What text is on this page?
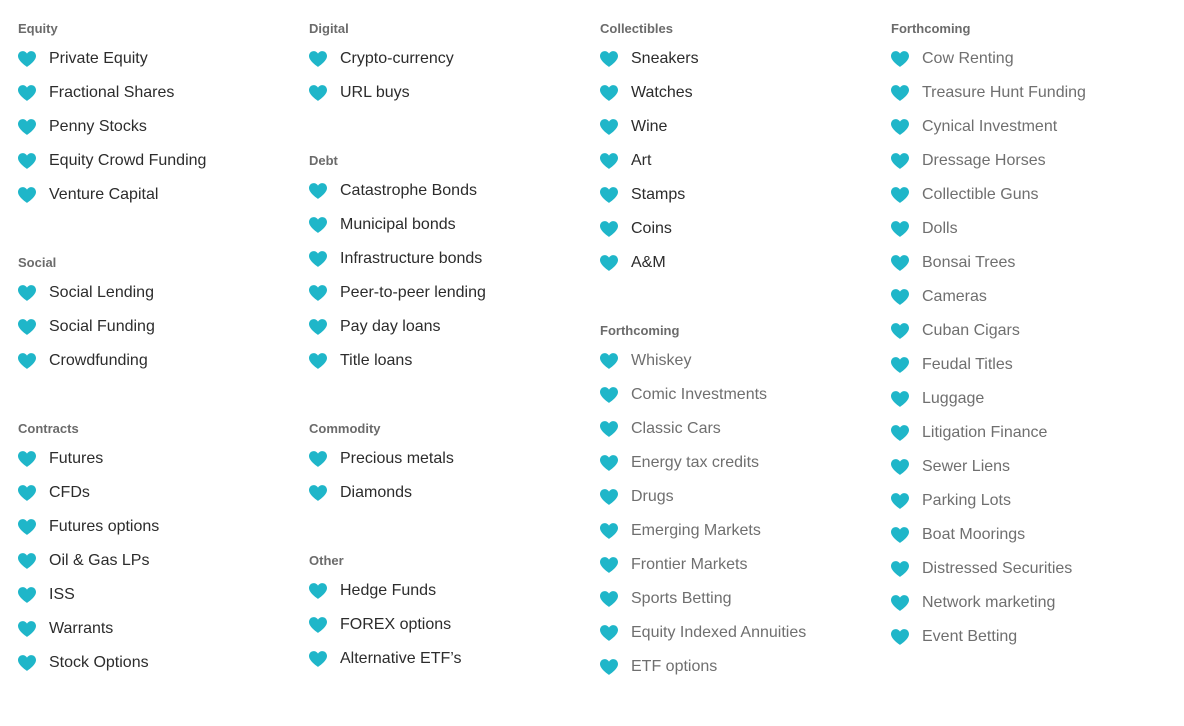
Equity
Private Equity
Fractional Shares
Penny Stocks
Equity Crowd Funding
Venture Capital
Social
Social Lending
Social Funding
Crowdfunding
Contracts
Futures
CFDs
Futures options
Oil & Gas LPs
ISS
Warrants
Stock Options
Digital
Crypto-currency
URL buys
Debt
Catastrophe Bonds
Municipal bonds
Infrastructure bonds
Peer-to-peer lending
Pay day loans
Title loans
Commodity
Precious metals
Diamonds
Other
Hedge Funds
FOREX options
Alternative ETF’s
Collectibles
Sneakers
Watches
Wine
Art
Stamps
Coins
A&M
Forthcoming
Whiskey
Comic Investments
Classic Cars
Energy tax credits
Drugs
Emerging Markets
Frontier Markets
Sports Betting
Equity Indexed Annuities
ETF options
Forthcoming
Cow Renting
Treasure Hunt Funding
Cynical Investment
Dressage Horses
Collectible Guns
Dolls
Bonsai Trees
Cameras
Cuban Cigars
Feudal Titles
Luggage
Litigation Finance
Sewer Liens
Parking Lots
Boat Moorings
Distressed Securities
Network marketing
Event Betting
